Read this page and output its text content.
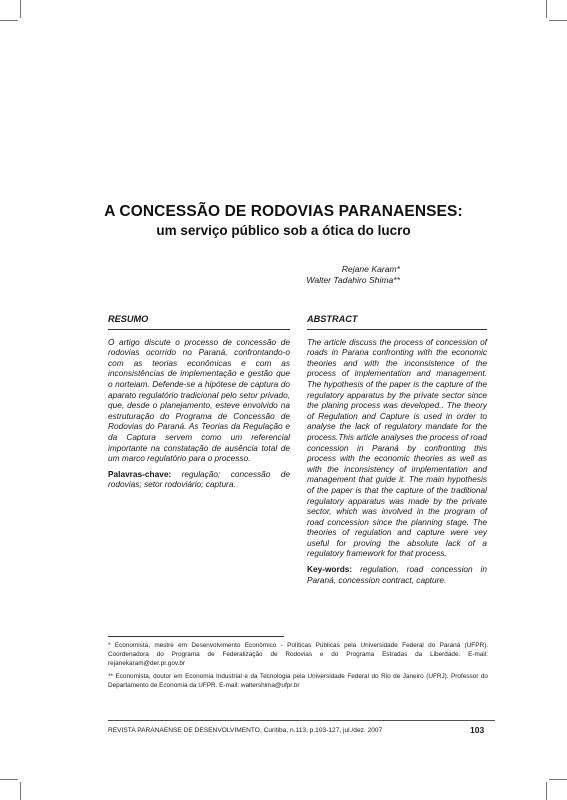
A CONCESSÃO DE RODOVIAS PARANAENSES:
um serviço público sob a ótica do lucro
Rejane Karam*
Walter Tadahiro Shima**
RESUMO
O artigo discute o processo de concessão de rodovias ocorrido no Paraná, confrontando-o com as teorias econômicas e com as inconsistências de implementação e gestão que o norteiam. Defende-se a hipótese de captura do aparato regulatório tradicional pelo setor privado, que, desde o planejamento, esteve envolvido na estruturação do Programa de Concessão de Rodovias do Paraná. As Teorias da Regulação e da Captura servem como um referencial importante na constatação de ausência total de um marco regulatório para o processo.
Palavras-chave: regulação; concessão de rodovias; setor rodoviário; captura.
ABSTRACT
The article discuss the process of concession of roads in Parana confronting with the economic theories and with the inconsistence of the process of implementation and management. The hypothesis of the paper is the capture of the regulatory apparatus by the private sector since the planing process was developed.. The theory of Regulation and Capture is used in order to analyse the lack of regulatory mandate for the process.This article analyses the process of road concession in Paraná by confronting this process with the economic theories as well as with the inconsistency of implementation and management that guide it. The main hypothesis of the paper is that the capture of the traditional regulatory apparatus was made by the private sector, which was involved in the program of road concession since the planning stage. The theories of regulation and capture were vey useful for proving the absolute lack of a regulatory framework for that process.
Key-words: regulation, road concession in Paraná, concession contract, capture.
* Economista, mestre em Desenvolvimento Econômico - Políticas Públicas pela Universidade Federal do Paraná (UFPR). Coordenadora do Programa de Federalização de Rodovias e do Programa Estradas da Liberdade. E-mail: rejanekaram@der.pr.gov.br
** Economista, doutor em Economia Industrial e da Tecnologia pela Universidade Federal do Rio de Janeiro (UFRJ). Professor do Departamento de Economia da UFPR. E-mail: waltershima@ufpr.br
REVISTA PARANAENSE DE DESENVOLVIMENTO, Curitiba, n.113, p.103-127, jul./dez. 2007	103
